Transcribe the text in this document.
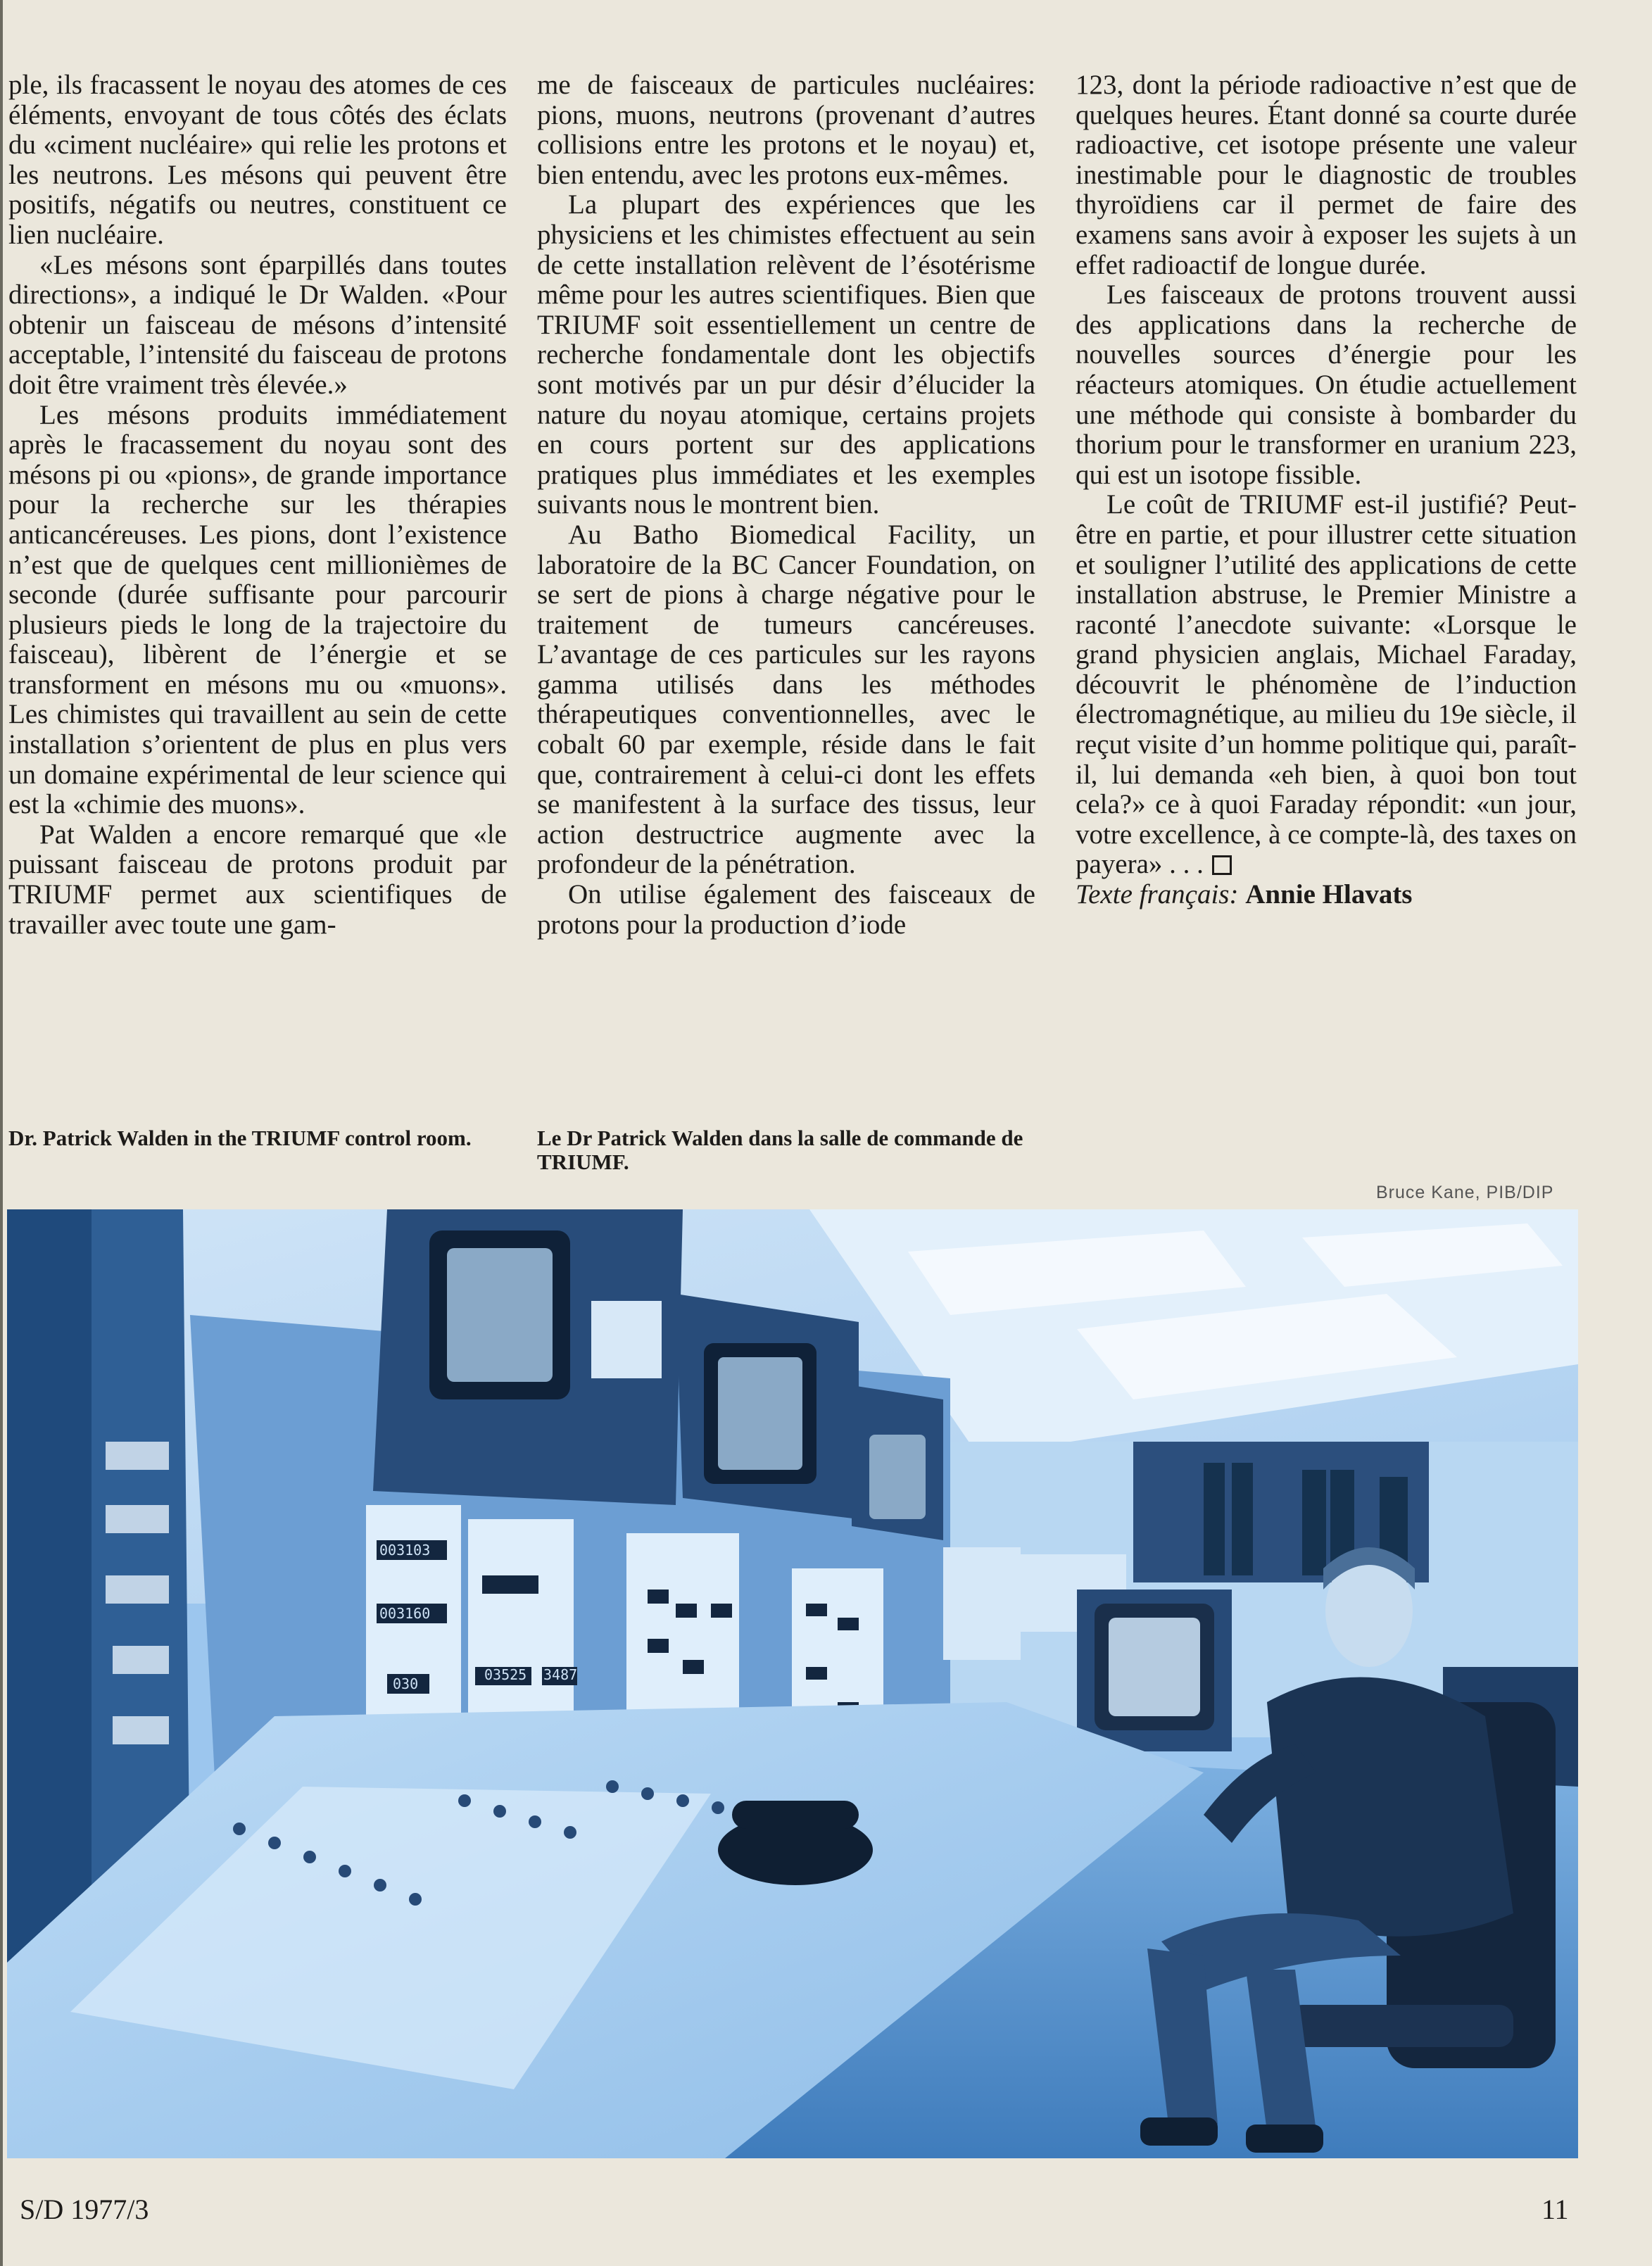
ple, ils fracassent le noyau des atomes de ces éléments, envoyant de tous côtés des éclats du «ciment nucléaire» qui relie les protons et les neutrons. Les mésons qui peuvent être positifs, négatifs ou neutres, constituent ce lien nucléaire.

«Les mésons sont éparpillés dans toutes directions», a indiqué le Dr Walden. «Pour obtenir un faisceau de mésons d’intensité acceptable, l’intensité du faisceau de protons doit être vraiment très élevée.»

Les mésons produits immédiatement après le fracassement du noyau sont des mésons pi ou «pions», de grande importance pour la recherche sur les thérapies anticancéreuses. Les pions, dont l’existence n’est que de quelques cent millionièmes de seconde (durée suffisante pour parcourir plusieurs pieds le long de la trajectoire du faisceau), libèrent de l’énergie et se transforment en mésons mu ou «muons». Les chimistes qui travaillent au sein de cette installation s’orientent de plus en plus vers un domaine expérimental de leur science qui est la «chimie des muons».

Pat Walden a encore remarqué que «le puissant faisceau de protons produit par TRIUMF permet aux scientifiques de travailler avec toute une gam-

me de faisceaux de particules nucléaires: pions, muons, neutrons (provenant d’autres collisions entre les protons et le noyau) et, bien entendu, avec les protons eux-mêmes.

La plupart des expériences que les physiciens et les chimistes effectuent au sein de cette installation relèvent de l’ésotérisme même pour les autres scientifiques. Bien que TRIUMF soit essentiellement un centre de recherche fondamentale dont les objectifs sont motivés par un pur désir d’élucider la nature du noyau atomique, certains projets en cours portent sur des applications pratiques plus immédiates et les exemples suivants nous le montrent bien.

Au Batho Biomedical Facility, un laboratoire de la BC Cancer Foundation, on se sert de pions à charge négative pour le traitement de tumeurs cancéreuses. L’avantage de ces particules sur les rayons gamma utilisés dans les méthodes thérapeutiques conventionnelles, avec le cobalt 60 par exemple, réside dans le fait que, contrairement à celui-ci dont les effets se manifestent à la surface des tissus, leur action destructrice augmente avec la profondeur de la pénétration.

On utilise également des faisceaux de protons pour la production d’iode

123, dont la période radioactive n’est que de quelques heures. Étant donné sa courte durée radioactive, cet isotope présente une valeur inestimable pour le diagnostic de troubles thyroïdiens car il permet de faire des examens sans avoir à exposer les sujets à un effet radioactif de longue durée.

Les faisceaux de protons trouvent aussi des applications dans la recherche de nouvelles sources d’énergie pour les réacteurs atomiques. On étudie actuellement une méthode qui consiste à bombarder du thorium pour le transformer en uranium 223, qui est un isotope fissible.

Le coût de TRIUMF est-il justifié? Peut-être en partie, et pour illustrer cette situation et souligner l’utilité des applications de cette installation abstruse, le Premier Ministre a raconté l’anecdote suivante: «Lorsque le grand physicien anglais, Michael Faraday, découvrit le phénomène de l’induction électromagnétique, au milieu du 19e siècle, il reçut visite d’un homme politique qui, paraît-il, lui demanda «eh bien, à quoi bon tout cela?» ce à quoi Faraday répondit: «un jour, votre excellence, à ce compte-là, des taxes on payera» . . .

Texte français: Annie Hlavats

Dr. Patrick Walden in the TRIUMF control room.	Le Dr Patrick Walden dans la salle de commande de TRIUMF.
Bruce Kane, PIB/DIP
003103
003160
030
03525 3487
S/D 1977/3	11
